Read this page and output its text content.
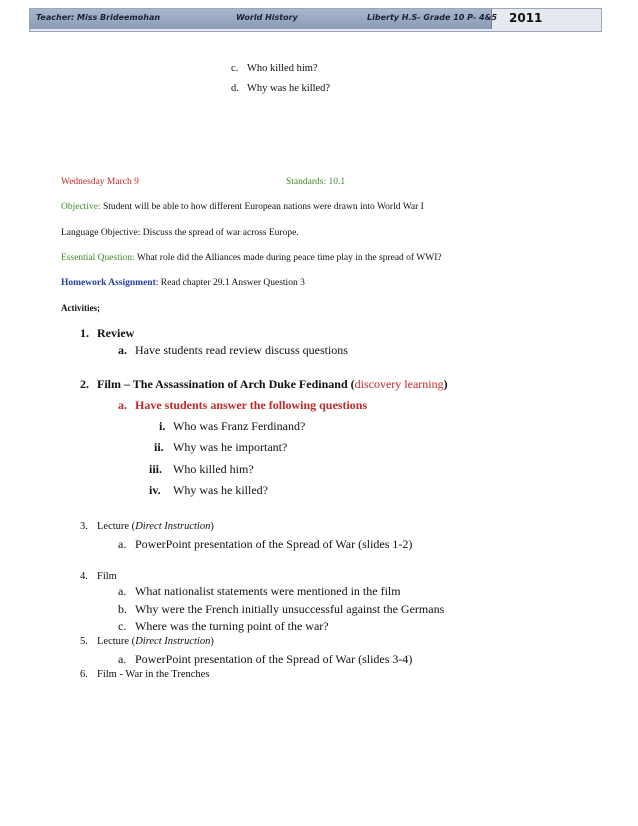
Teacher: Miss Brideemohan	World History	Liberty H.S- Grade 10 P- 4&5 2011
c. Who killed him?
d. Why was he killed?
Wednesday March 9	Standards: 10.1
Objective: Student will be able to how different European nations were drawn into World War I
Language Objective: Discuss the spread of war across Europe.
Essential Question: What role did the Alliances made during peace time play in the spread of WWI?
Homework Assignment: Read chapter 29.1 Answer Question 3
Activities;
1. Review
a. Have students read review discuss questions
2. Film – The Assassination of Arch Duke Fedinand (discovery learning)
a. Have students answer the following questions
i. Who was Franz Ferdinand?
ii. Why was he important?
iii. Who killed him?
iv. Why was he killed?
3. Lecture (Direct Instruction)
a. PowerPoint presentation of the Spread of War (slides 1-2)
4. Film
a. What nationalist statements were mentioned in the film
b. Why were the French initially unsuccessful against the Germans
c. Where was the turning point of the war?
5. Lecture (Direct Instruction)
a. PowerPoint presentation of the Spread of War (slides 3-4)
6. Film - War in the Trenches
